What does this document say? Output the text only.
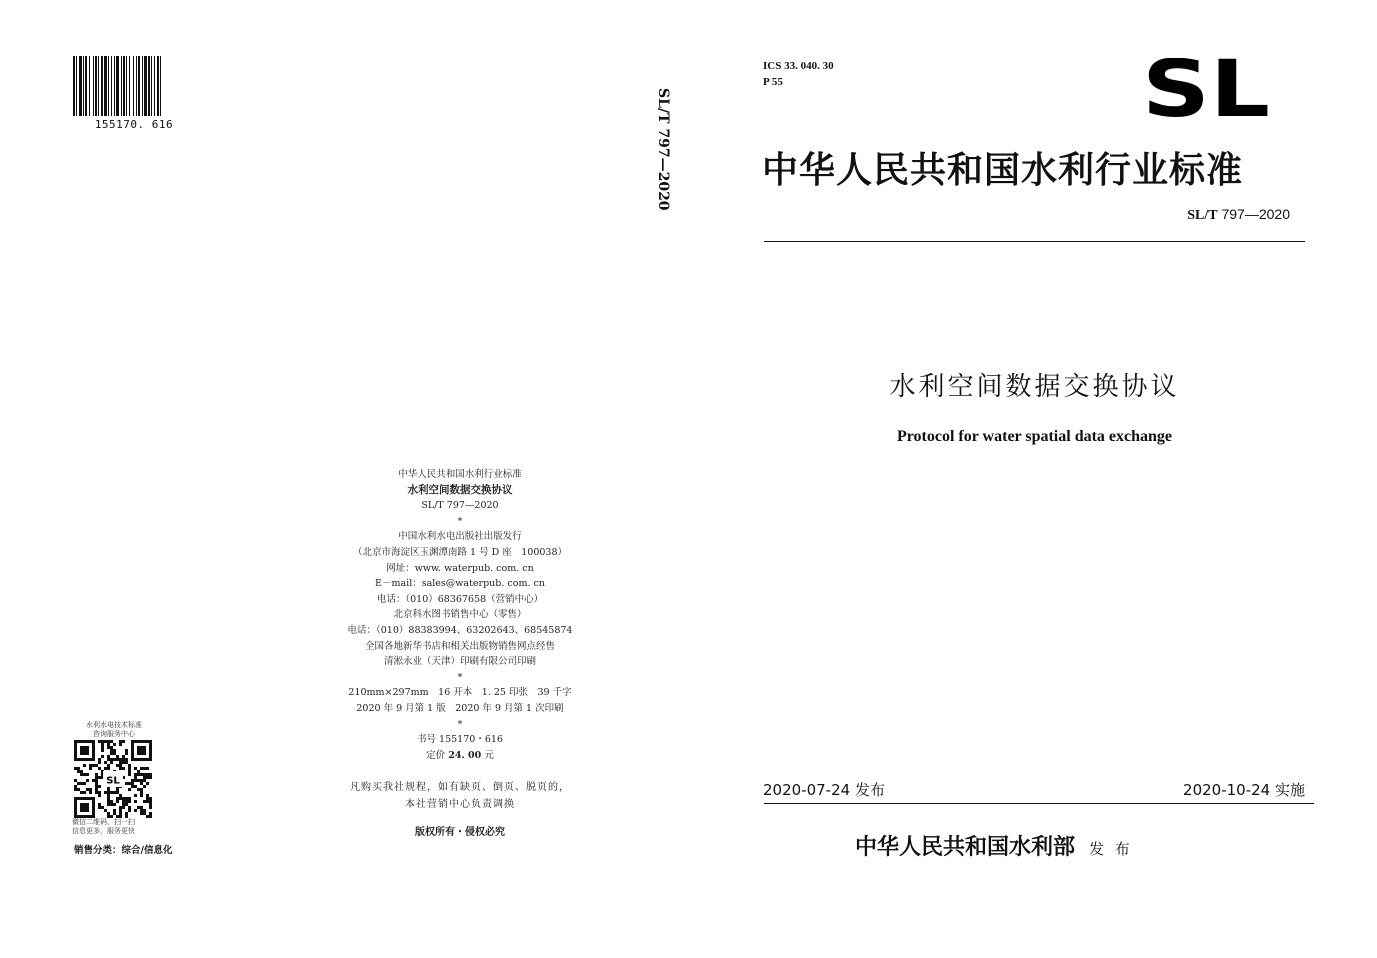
155170. 616
中华人民共和国水利行业标准
水利空间数据交换协议
SL/T 797—2020
*
中国水利水电出版社出版发行
（北京市海淀区玉渊潭南路 1 号 D 座　100038）
网址：www. waterpub. com. cn
E－mail：sales@waterpub. com. cn
电话：（010）68367658（营销中心）
北京科水图书销售中心（零售）
电话：（010）88383994、63202643、68545874
全国各地新华书店和相关出版物销售网点经售
清淞永业（天津）印刷有限公司印刷
*
210mm×297mm　16 开本　1. 25 印张　39 千字
2020 年 9 月第 1 版　2020 年 9 月第 1 次印刷
*
书号 155170・616
定价 24. 00 元
凡购买我社规程，如有缺页、倒页、脱页的，
本社营销中心负责调换
版权所有・侵权必究
水利水电技术标准
咨询服务中心
SL
微信二维码，扫一扫
信息更多，服务更快
销售分类：综合/信息化
SL/T 797—2020
ICS 33. 040. 30
P 55	SL
中华人民共和国水利行业标准
SL/T 797—2020
水利空间数据交换协议
Protocol for water spatial data exchange
2020-07-24 发布	2020-10-24 实施
中华人民共和国水利部 发 布
